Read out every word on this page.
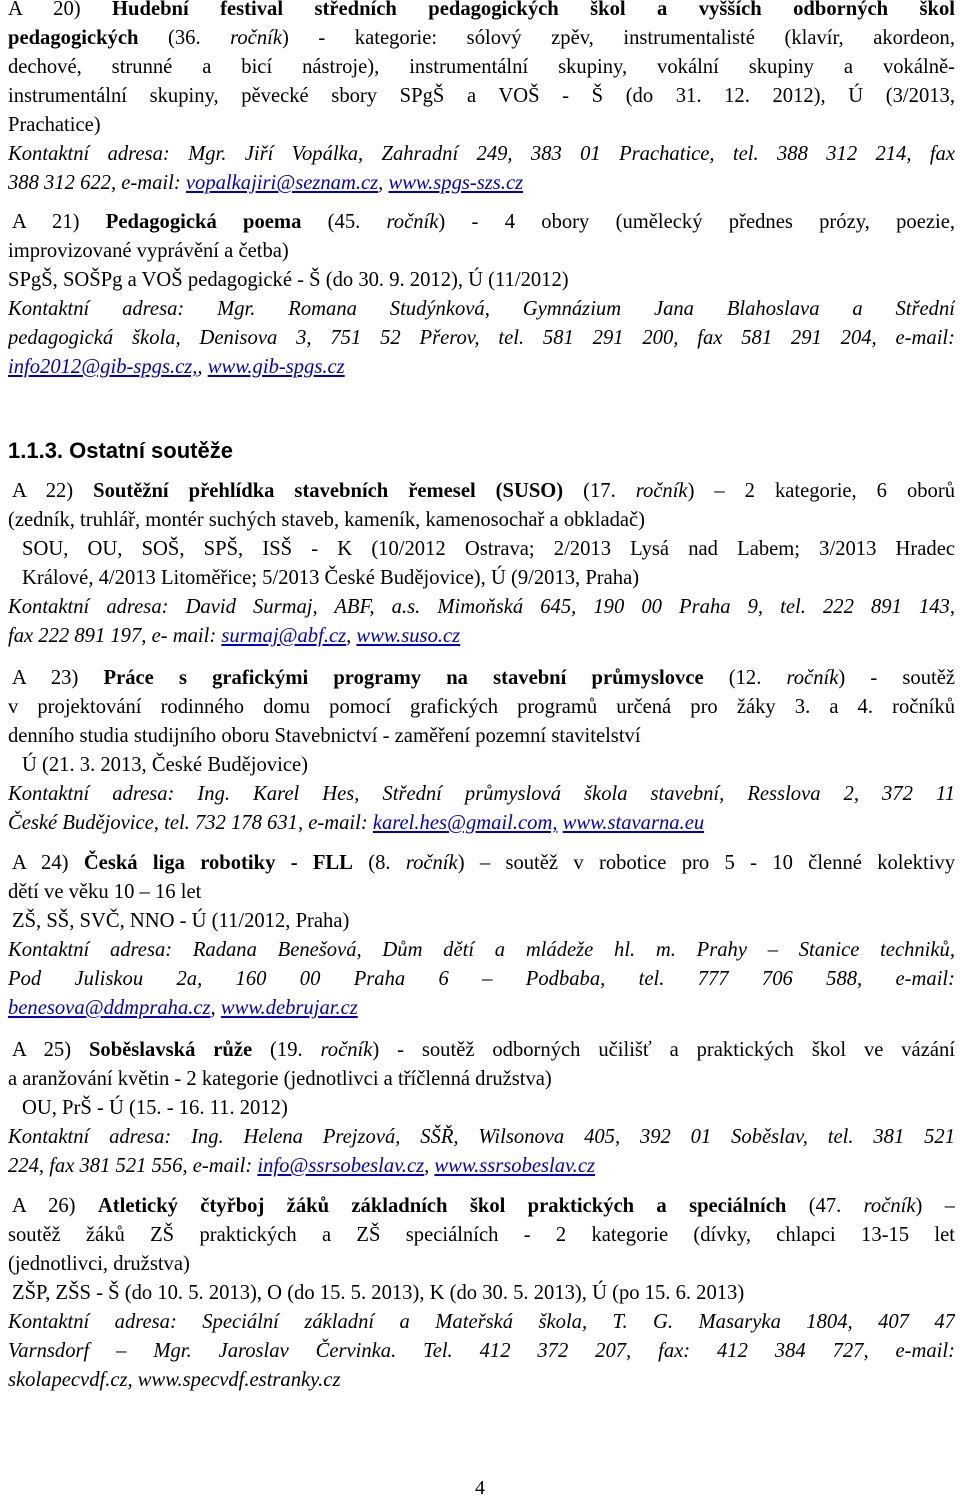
A 20) Hudební festival středních pedagogických škol a vyšších odborných škol
pedagogických (36. ročník) - kategorie: sólový zpěv, instrumentalisté (klavír, akordeon,
dechové, strunné a bicí nástroje), instrumentální skupiny, vokální skupiny a vokálně-
instrumentální skupiny, pěvecké sbory SPgŠ a VOŠ - Š (do 31. 12. 2012), Ú (3/2013,
Prachatice)
Kontaktní adresa: Mgr. Jiří Vopálka, Zahradní 249, 383 01 Prachatice, tel. 388 312 214, fax
388 312 622, e-mail: vopalkajiri@seznam.cz, www.spgs-szs.cz
A 21) Pedagogická poema (45. ročník) - 4 obory (umělecký přednes prózy, poezie,
improvizované vyprávění a četba)
SPgŠ, SOŠPg a VOŠ pedagogické - Š (do 30. 9. 2012), Ú (11/2012)
Kontaktní adresa: Mgr. Romana Studýnková, Gymnázium Jana Blahoslava a Střední
pedagogická škola, Denisova 3, 751 52 Přerov, tel. 581 291 200, fax 581 291 204, e-mail:
info2012@gib-spgs.cz,, www.gib-spgs.cz
1.1.3. Ostatní soutěže
A 22) Soutěžní přehlídka stavebních řemesel (SUSO) (17. ročník) – 2 kategorie, 6 oborů
(zedník, truhlář, montér suchých staveb, kameník, kamenosochař a obkladač)
SOU, OU, SOŠ, SPŠ, ISŠ - K (10/2012 Ostrava; 2/2013 Lysá nad Labem; 3/2013 Hradec
Králové, 4/2013 Litoměřice; 5/2013 České Budějovice), Ú (9/2013, Praha)
Kontaktní adresa: David Surmaj, ABF, a.s. Mimoňská 645, 190 00 Praha 9, tel. 222 891 143,
fax 222 891 197, e- mail: surmaj@abf.cz, www.suso.cz
A 23) Práce s grafickými programy na stavební průmyslovce (12. ročník) - soutěž
v projektování rodinného domu pomocí grafických programů určená pro žáky 3. a 4. ročníků
denního studia studijního oboru Stavebnictví - zaměření pozemní stavitelství
Ú (21. 3. 2013, České Budějovice)
Kontaktní adresa: Ing. Karel Hes, Střední průmyslová škola stavební, Resslova 2, 372 11
České Budějovice, tel. 732 178 631, e-mail: karel.hes@gmail.com, www.stavarna.eu
A 24) Česká liga robotiky - FLL (8. ročník) – soutěž v robotice pro 5 - 10 členné kolektivy
dětí ve věku 10 – 16 let
ZŠ, SŠ, SVČ, NNO - Ú (11/2012, Praha)
Kontaktní adresa: Radana Benešová, Dům dětí a mládeže hl. m. Prahy – Stanice techniků,
Pod Juliskou 2a, 160 00 Praha 6 – Podbaba, tel. 777 706 588, e-mail:
benesova@ddmpraha.cz, www.debrujar.cz
A 25) Soběslavská růže (19. ročník) - soutěž odborných učilišť a praktických škol ve vázání
a aranžování květin - 2 kategorie (jednotlivci a tříčlenná družstva)
OU, PrŠ - Ú (15. - 16. 11. 2012)
Kontaktní adresa: Ing. Helena Prejzová, SŠŘ, Wilsonova 405, 392 01 Soběslav, tel. 381 521
224, fax 381 521 556, e-mail: info@ssrsobeslav.cz, www.ssrsobeslav.cz
A 26) Atletický čtyřboj žáků základních škol praktických a speciálních (47. ročník) –
soutěž žáků ZŠ praktických a ZŠ speciálních - 2 kategorie (dívky, chlapci 13-15 let
(jednotlivci, družstva)
ZŠP, ZŠS - Š (do 10. 5. 2013), O (do 15. 5. 2013), K (do 30. 5. 2013), Ú (po 15. 6. 2013)
Kontaktní adresa: Speciální základní a Mateřská škola, T. G. Masaryka 1804, 407 47
Varnsdorf – Mgr. Jaroslav Červinka. Tel. 412 372 207, fax: 412 384 727, e-mail:
skolapecvdf.cz, www.specvdf.estranky.cz
4
